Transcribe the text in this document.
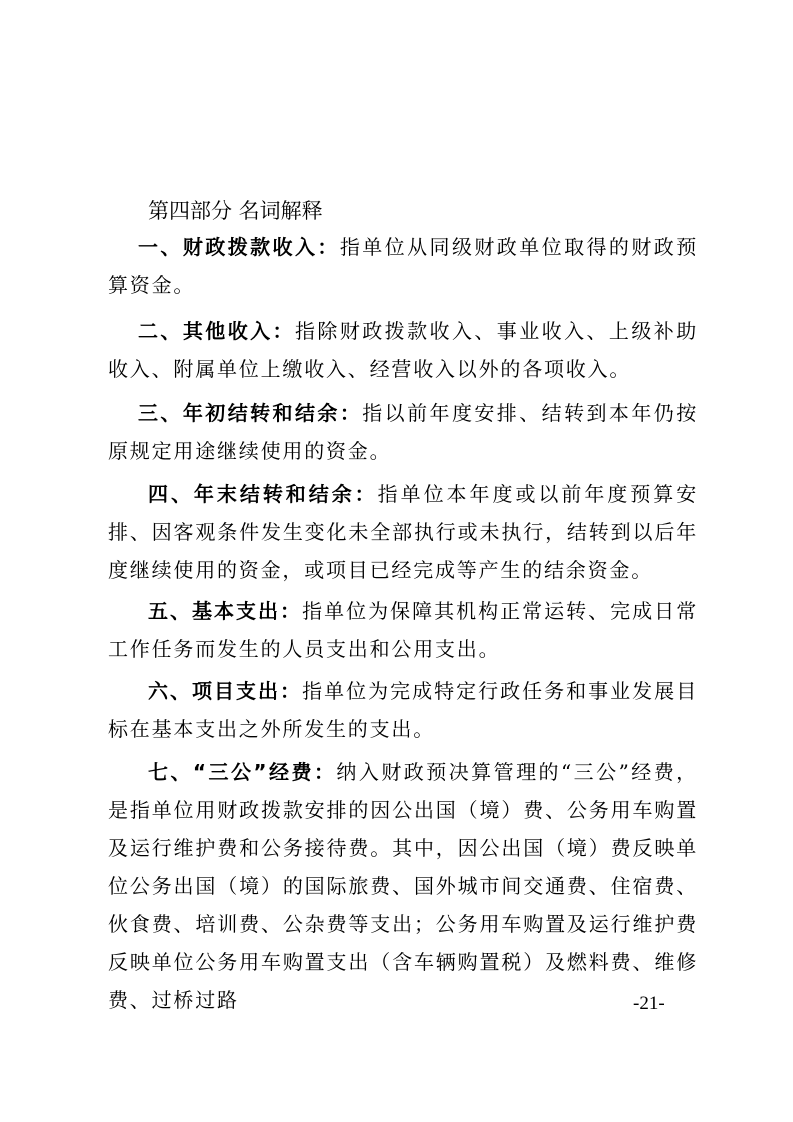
第四部分 名词解释

一、财政拨款收入：指单位从同级财政单位取得的财政预算资金。

二、其他收入：指除财政拨款收入、事业收入、上级补助收入、附属单位上缴收入、经营收入以外的各项收入。

三、年初结转和结余：指以前年度安排、结转到本年仍按原规定用途继续使用的资金。

四、年末结转和结余：指单位本年度或以前年度预算安排、因客观条件发生变化未全部执行或未执行，结转到以后年度继续使用的资金，或项目已经完成等产生的结余资金。

五、基本支出：指单位为保障其机构正常运转、完成日常工作任务而发生的人员支出和公用支出。

六、项目支出：指单位为完成特定行政任务和事业发展目标在基本支出之外所发生的支出。

七、“三公”经费：纳入财政预决算管理的“三公”经费，是指单位用财政拨款安排的因公出国（境）费、公务用车购置及运行维护费和公务接待费。其中，因公出国（境）费反映单位公务出国（境）的国际旅费、国外城市间交通费、住宿费、伙食费、培训费、公杂费等支出；公务用车购置及运行维护费反映单位公务用车购置支出（含车辆购置税）及燃料费、维修费、过桥过路	-21-
